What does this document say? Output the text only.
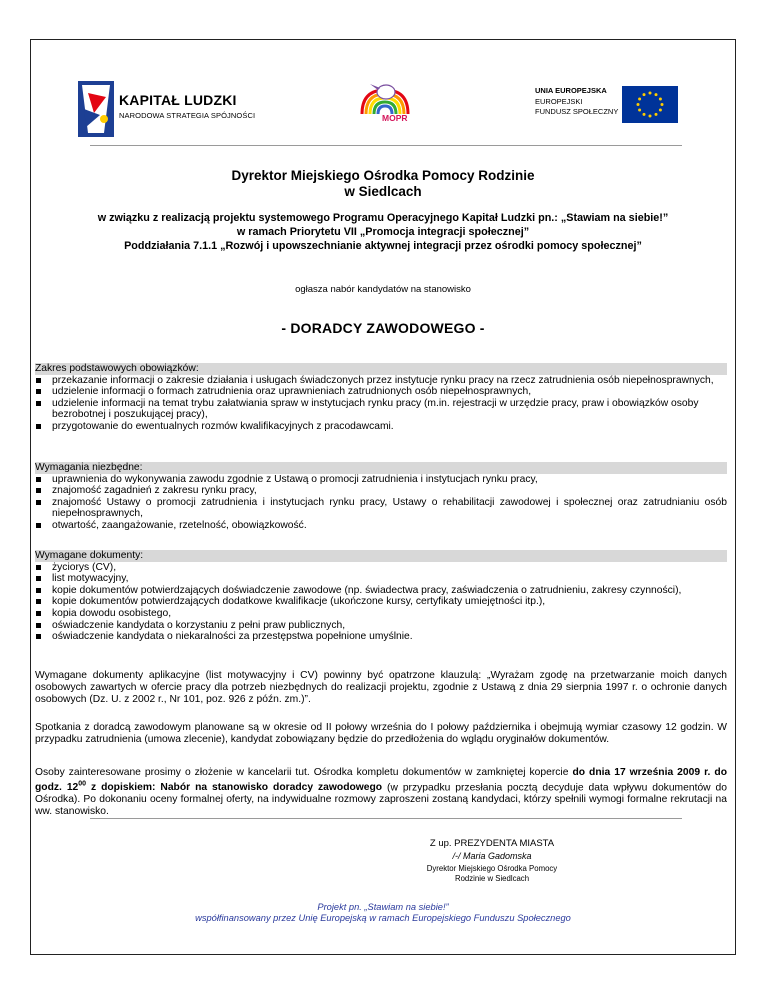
KAPITAŁ LUDZKI
NARODOWA STRATEGIA SPÓJNOŚCI	MOPR
UNIA EUROPEJSKA
EUROPEJSKI
FUNDUSZ SPOŁECZNY
Dyrektor Miejskiego Ośrodka Pomocy Rodzinie
w Siedlcach
w związku z realizacją projektu systemowego Programu Operacyjnego Kapitał Ludzki pn.: „Stawiam na siebie!”
w ramach Priorytetu VII „Promocja integracji społecznej”
Poddziałania 7.1.1 „Rozwój i upowszechnianie aktywnej integracji przez ośrodki pomocy społecznej”
ogłasza nabór kandydatów na stanowisko
- DORADCY ZAWODOWEGO -
Zakres podstawowych obowiązków:
przekazanie informacji o zakresie działania i usługach świadczonych przez instytucje rynku pracy na rzecz zatrudnienia osób niepełnosprawnych,
udzielenie informacji o formach zatrudnienia oraz uprawnieniach zatrudnionych osób niepełnosprawnych,
udzielenie informacji na temat trybu załatwiania spraw w instytucjach rynku pracy (m.in. rejestracji w urzędzie pracy, praw i obowiązków osoby bezrobotnej i poszukującej pracy),
przygotowanie do ewentualnych rozmów kwalifikacyjnych z pracodawcami.
Wymagania niezbędne:
uprawnienia do wykonywania zawodu zgodnie z Ustawą o promocji zatrudnienia i instytucjach rynku pracy,
znajomość zagadnień z zakresu rynku pracy,
znajomość Ustawy o promocji zatrudnienia i instytucjach rynku pracy, Ustawy o rehabilitacji zawodowej i społecznej oraz zatrudnianiu osób niepełnosprawnych,
otwartość, zaangażowanie, rzetelność, obowiązkowość.
Wymagane dokumenty:
życiorys (CV),
list motywacyjny,
kopie dokumentów potwierdzających doświadczenie zawodowe (np. świadectwa pracy, zaświadczenia o zatrudnieniu, zakresy czynności),
kopie dokumentów potwierdzających dodatkowe kwalifikacje (ukończone kursy, certyfikaty umiejętności itp.),
kopia dowodu osobistego,
oświadczenie kandydata o korzystaniu z pełni praw publicznych,
oświadczenie kandydata o niekaralności za przestępstwa popełnione umyślnie.
Wymagane dokumenty aplikacyjne (list motywacyjny i CV) powinny być opatrzone klauzulą: „Wyrażam zgodę na przetwarzanie moich danych osobowych zawartych w ofercie pracy dla potrzeb niezbędnych do realizacji projektu, zgodnie z Ustawą z dnia 29 sierpnia 1997 r. o ochronie danych osobowych (Dz. U. z 2002 r., Nr 101, poz. 926 z późn. zm.)”.
Spotkania z doradcą zawodowym planowane są w okresie od II połowy września do I połowy października i obejmują wymiar czasowy 12 godzin. W przypadku zatrudnienia (umowa zlecenie), kandydat zobowiązany będzie do przedłożenia do wglądu oryginałów dokumentów.
Osoby zainteresowane prosimy o złożenie w kancelarii tut. Ośrodka kompletu dokumentów w zamkniętej kopercie do dnia 17 września 2009 r. do godz. $12^{00}$ z dopiskiem: Nabór na stanowisko doradcy zawodowego (w przypadku przesłania pocztą decyduje data wpływu dokumentów do Ośrodka). Po dokonaniu oceny formalnej oferty, na indywidualne rozmowy zaproszeni zostaną kandydaci, którzy spełnili wymogi formalne rekrutacji na ww. stanowisko.
Z up. PREZYDENTA MIASTA
/-/ Maria Gadomska
Dyrektor Miejskiego Ośrodka Pomocy
Rodzinie w Siedlcach
Projekt pn. „Stawiam na siebie!”
współfinansowany przez Unię Europejską w ramach Europejskiego Funduszu Społecznego
